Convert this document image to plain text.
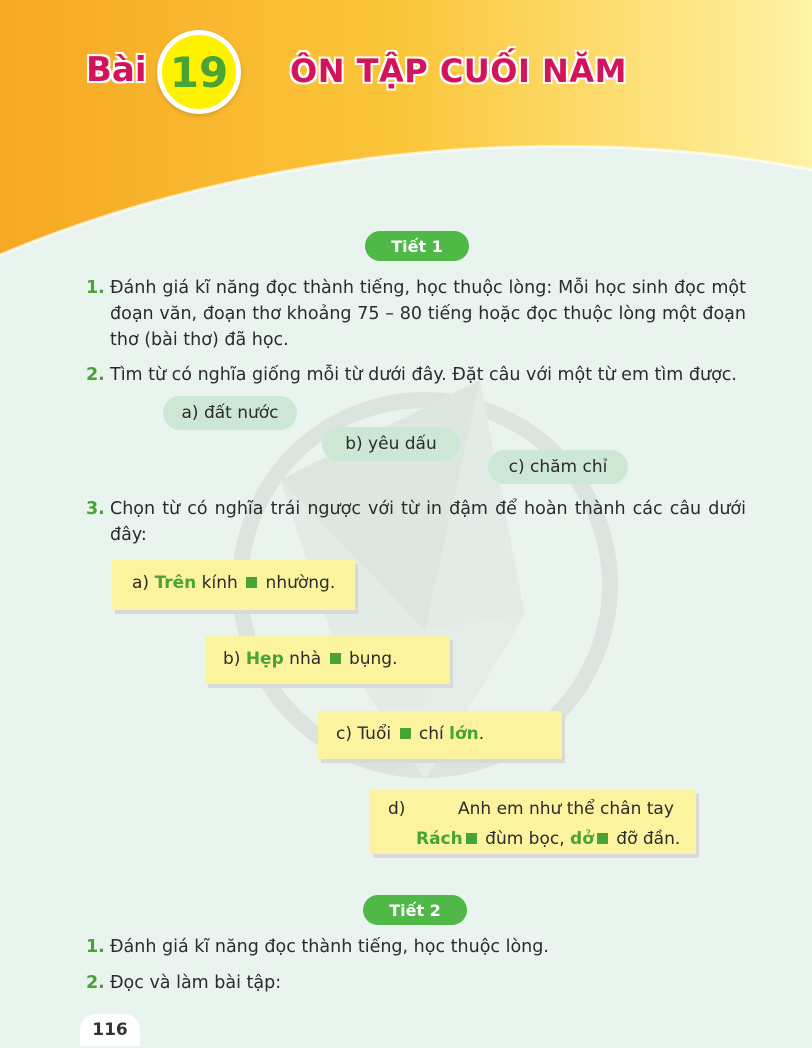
Bài 19 ÔN TẬP CUỐI NĂM
Tiết 1
1. Đánh giá kĩ năng đọc thành tiếng, học thuộc lòng: Mỗi học sinh đọc một đoạn văn, đoạn thơ khoảng 75 – 80 tiếng hoặc đọc thuộc lòng một đoạn thơ (bài thơ) đã học.
2. Tìm từ có nghĩa giống mỗi từ dưới đây. Đặt câu với một từ em tìm được.
a) đất nước
b) yêu dấu
c) chăm chỉ
3. Chọn từ có nghĩa trái ngược với từ in đậm để hoàn thành các câu dưới đây:
a) Trên kính  nhường.
b) Hẹp nhà  bụng.
c) Tuổi  chí lớn.
d)	Anh em như thể chân tay
Rách đùm bọc, dở đỡ đần.
Tiết 2
1. Đánh giá kĩ năng đọc thành tiếng, học thuộc lòng.
2. Đọc và làm bài tập:
116
